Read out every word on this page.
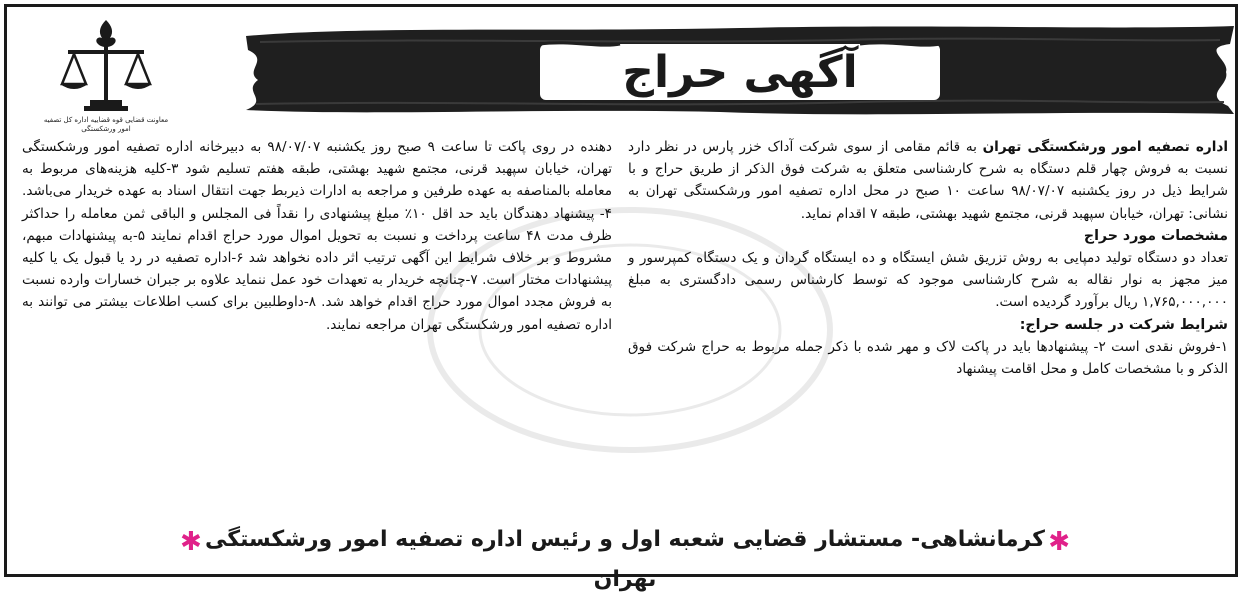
آگهی حراج
معاونت قضایی قوه قضاییه اداره کل تصفیه امور ورشکستگی

اداره تصفیه امور ورشکستگی تهران به قائم مقامی از سوی شرکت آداک خزر پارس در نظر دارد نسبت به فروش چهار قلم دستگاه به شرح کارشناسی متعلق به شرکت فوق الذکر از طریق حراج و با شرایط ذیل در روز یکشنبه ۹۸/۰۷/۰۷ ساعت ۱۰ صبح در محل اداره تصفیه امور ورشکستگی تهران به نشانی: تهران، خیابان سپهبد قرنی، مجتمع شهید بهشتی، طبقه ۷ اقدام نماید.

مشخصات مورد حراج

تعداد دو دستگاه تولید دمپایی به روش تزریق شش ایستگاه و ده ایستگاه گردان و یک دستگاه کمپرسور و میز مجهز به نوار نقاله به شرح کارشناسی موجود که توسط کارشناس رسمی دادگستری به مبلغ ۱,۷۶۵,۰۰۰,۰۰۰ ریال برآورد گردیده است.

شرایط شرکت در جلسه حراج:

۱-فروش نقدی است ۲- پیشنهادها باید در پاکت لاک و مهر شده با ذکر جمله مربوط به حراج شرکت فوق الذکر و با مشخصات کامل و محل اقامت پیشنهاد

دهنده در روی پاکت تا ساعت ۹ صبح روز یکشنبه ۹۸/۰۷/۰۷ به دبیرخانه اداره تصفیه امور ورشکستگی تهران، خیابان سپهبد قرنی، مجتمع شهید بهشتی، طبقه هفتم تسلیم شود ۳-کلیه هزینه‌های مربوط به معامله بالمناصفه به عهده طرفین و مراجعه به ادارات ذیربط جهت انتقال اسناد به عهده خریدار می‌باشد. ۴- پیشنهاد دهندگان باید حد اقل ۱۰٪ مبلغ پیشنهادی را نقداً فی المجلس و الباقی ثمن معامله را حداکثر ظرف مدت ۴۸ ساعت پرداخت و نسبت به تحویل اموال مورد حراج اقدام نمایند ۵-به پیشنهادات مبهم، مشروط و بر خلاف شرایط این آگهی ترتیب اثر داده نخواهد شد ۶-اداره تصفیه در رد یا قبول یک یا کلیه پیشنهادات مختار است. ۷-چنانچه خریدار به تعهدات خود عمل ننماید علاوه بر جبران خسارات وارده نسبت به فروش مجدد اموال مورد حراج اقدام خواهد شد. ۸-داوطلبین برای کسب اطلاعات بیشتر می توانند به اداره تصفیه امور ورشکستگی تهران مراجعه نمایند.

✱ کرمانشاهی- مستشار قضایی شعبه اول و رئیس اداره تصفیه امور ورشکستگی تهران
✱
